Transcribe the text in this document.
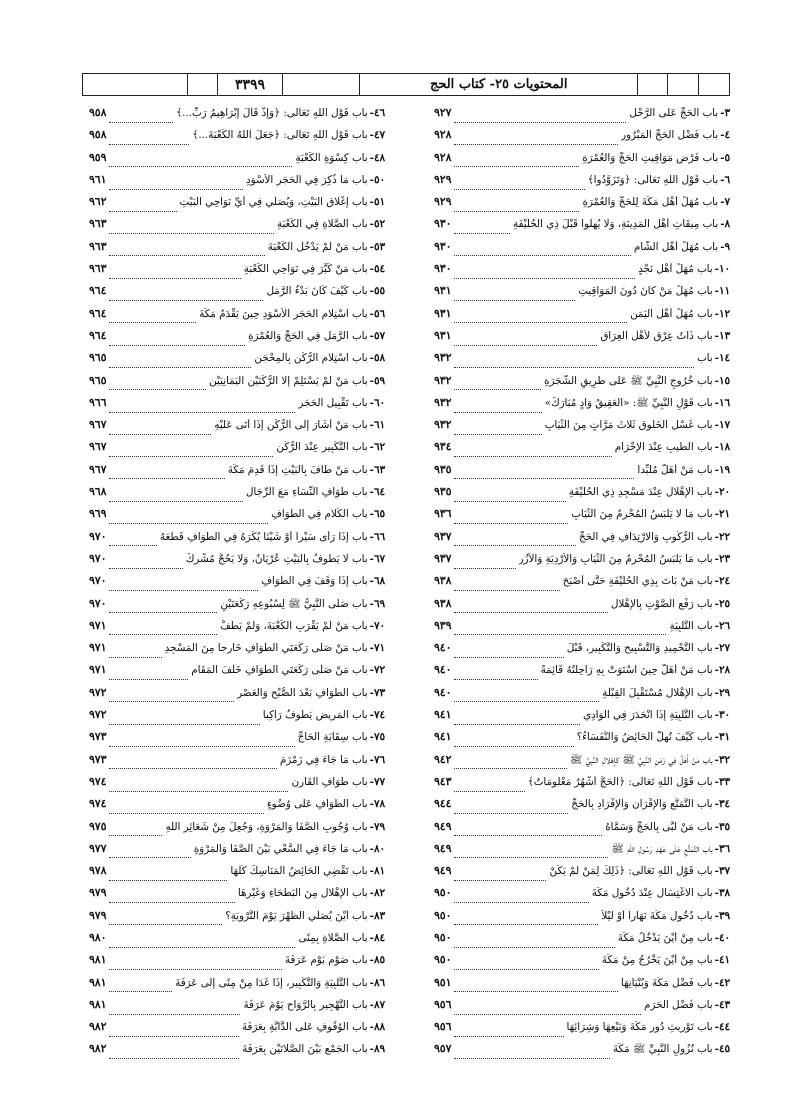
المحتويات ٢٥- كتاب الحج
٣٣٩٩
٣-
باب الحَجِّ عَلى الرَّحْلِ
٩٢٧
٤-
باب فَضْلِ الحَجِّ المَبْرُورِ
٩٢٨
٥-
باب فَرْضِ مَوَاقِيتِ الحَجِّ وَالعُمْرَةِ
٩٢٨
٦-
باب قَوْلِ اللهِ تَعَالَى: ﴿وَتَزَوَّدُوا﴾
٩٢٩
٧-
باب مُهَلِّ أَهْلِ مَكَّةَ لِلحَجِّ وَالعُمْرَةِ
٩٢٩
٨-
باب مِيقَاتِ أَهْلِ المَدِينَةِ، وَلا يُهِلُّوا قَبْلَ ذِي الحُلَيْفَةِ
٩٣٠
٩-
باب مُهَلِّ أَهْلِ الشَّامِ
٩٣٠
١٠-
باب مُهَلِّ أَهْلِ نَجْدٍ
٩٣٠
١١-
باب مُهَلِّ مَنْ كانَ دُونَ المَوَاقِيتِ
٩٣١
١٢-
باب مُهَلِّ أَهْلِ اليَمَنِ
٩٣١
١٣-
باب ذَاتُ عِرْقٍ لأَهْلِ العِرَاقِ
٩٣١
١٤-
باب
٩٣٢
١٥-
باب خُرُوجِ النَّبِيِّ ﷺ عَلَى طَرِيقِ الشَّجَرَةِ
٩٣٢
١٦-
باب قَوْلِ النَّبِيِّ ﷺ: «العَقِيقُ وَادٍ مُبَارَكٌ»
٩٣٢
١٧-
باب غَسْلِ الخَلُوقِ ثَلاثَ مَرَّاتٍ مِنَ الثِّيَابِ
٩٣٢
١٨-
باب الطِّيبِ عِنْدَ الإِحْرَامِ
٩٣٤
١٩-
باب مَنْ أَهَلَّ مُلَبِّداً
٩٣٥
٢٠-
باب الإِهْلالِ عِنْدَ مَسْجِدِ ذِي الحُلَيْفَةِ
٩٣٥
٢١-
باب مَا لا يَلْبَسُ المُحْرِمُ مِنَ الثِّيَابِ
٩٣٦
٢٢-
باب الرُّكُوبِ وَالارْتِدَافِ فِي الحَجِّ
٩٣٧
٢٣-
باب مَا يَلْبَسُ المُحْرِمُ مِنَ الثِّيَابِ وَالأَرْدِيَةِ وَالأُزُرِ
٩٣٧
٢٤-
باب مَنْ بَاتَ بِذِي الحُلَيْفَةِ حَتَّى أَصْبَحَ
٩٣٨
٢٥-
باب رَفْعِ الصَّوْتِ بِالإِهْلالِ
٩٣٨
٢٦-
باب التَّلْبِيَةِ
٩٣٩
٢٧-
باب التَّحْمِيدِ وَالتَّسْبِيحِ وَالتَّكْبِيرِ، قَبْلَ
٩٤٠
٢٨-
باب مَنْ أَهَلَّ حِينَ اسْتَوَتْ بِهِ رَاحِلَتُهُ قَائِمَةً
٩٤٠
٢٩-
باب الإِهْلالِ مُسْتَقْبِلَ القِبْلَةِ
٩٤٠
٣٠-
باب التَّلْبِيَةِ إِذَا انْحَدَرَ فِي الوَادِي
٩٤١
٣١-
باب كَيْفَ تُهِلُّ الحَائِضُ وَالنُّفَسَاءُ؟
٩٤١
٣٢-
باب مَنْ أَهَلَّ فِي زَمَنِ النَّبِيِّ ﷺ كَإِهْلالِ النَّبِيِّ ﷺ
٩٤٢
٣٣-
باب قَوْلِ اللهِ تَعَالَى: ﴿الحَجُّ أَشْهُرٌ مَعْلُومَاتٌ﴾
٩٤٣
٣٤-
باب التَّمَتُّعِ وَالإِقْرَانِ وَالإِفْرَادِ بِالحَجِّ
٩٤٤
٣٥-
باب مَنْ لَبَّى بِالحَجِّ وَسَمَّاهُ
٩٤٩
٣٦-
باب التَّمَتُّعِ عَلَى عَهْدِ رَسُولِ اللهِ ﷺ
٩٤٩
٣٧-
باب قَوْلِ اللهِ تَعَالَى: ﴿ذَلِكَ لِمَنْ لَمْ يَكُنْ
٩٤٩
٣٨-
باب الاغْتِسَالِ عِنْدَ دُخُولِ مَكَّةَ
٩٥٠
٣٩-
باب دُخُولِ مَكَّةَ نَهَاراً أَوْ لَيْلاً
٩٥٠
٤٠-
باب مِنْ أَيْنَ يَدْخُلُ مَكَّةَ
٩٥٠
٤١-
باب مِنْ أَيْنَ يَخْرُجُ مِنْ مَكَّةَ
٩٥٠
٤٢-
باب فَضْلِ مَكَّةَ وَبُنْيَانِهَا
٩٥١
٤٣-
باب فَضْلِ الحَرَمِ
٩٥٦
٤٤-
باب تَوْرِيثِ دُورِ مَكَّةَ وَبَيْعِهَا وَشِرَائِهَا
٩٥٦
٤٥-
باب نُزُولِ النَّبِيِّ ﷺ مَكَّةَ
٩٥٧
٤٦-
باب قَوْلِ اللهِ تَعَالَى: ﴿وَإِذْ قَالَ إِبْرَاهِيمُ رَبِّ...﴾
٩٥٨
٤٧-
باب قَوْلِ اللهِ تَعَالَى: ﴿جَعَلَ اللهُ الكَعْبَةَ...﴾
٩٥٨
٤٨-
باب كِسْوَةِ الكَعْبَةِ
٩٥٩
٥٠-
باب مَا ذُكِرَ فِي الحَجَرِ الأَسْوَدِ
٩٦١
٥١-
باب إِغْلاقِ البَيْتِ، وَيُصَلِّي فِي أَيِّ نَوَاحِي البَيْتِ
٩٦٢
٥٢-
باب الصَّلاةِ فِي الكَعْبَةِ
٩٦٣
٥٣-
باب مَنْ لَمْ يَدْخُلِ الكَعْبَةَ
٩٦٣
٥٤-
باب مَنْ كَبَّرَ فِي نَوَاحِي الكَعْبَةِ
٩٦٣
٥٥-
باب كَيْفَ كَانَ بَدْءُ الرَّمَلِ
٩٦٤
٥٦-
باب اسْتِلامِ الحَجَرِ الأَسْوَدِ حِينَ يَقْدَمُ مَكَّةَ
٩٦٤
٥٧-
باب الرَّمَلِ فِي الحَجِّ وَالعُمْرَةِ
٩٦٤
٥٨-
باب اسْتِلامِ الرُّكْنِ بِالمِحْجَنِ
٩٦٥
٥٩-
باب مَنْ لَمْ يَسْتَلِمْ إِلا الرُّكْنَيْنِ اليَمَانِيَيْنِ
٩٦٥
٦٠-
باب تَقْبِيلِ الحَجَرِ
٩٦٦
٦١-
باب مَنْ أَشَارَ إِلَى الرُّكْنِ إِذَا أَتَى عَلَيْهِ
٩٦٧
٦٢-
باب التَّكْبِيرِ عِنْدَ الرُّكْنِ
٩٦٧
٦٣-
باب مَنْ طَافَ بِالبَيْتِ إِذَا قَدِمَ مَكَّةَ
٩٦٧
٦٤-
باب طَوَافِ النِّسَاءِ مَعَ الرِّجَالِ
٩٦٨
٦٥-
باب الكَلامِ فِي الطَّوَافِ
٩٦٩
٦٦-
باب إِذَا رَأَى سَيْراً أَوْ شَيْئاً يُكْرَهُ فِي الطَّوَافِ قَطَعَهُ
٩٧٠
٦٧-
باب لا يَطُوفُ بِالبَيْتِ عُرْيَانٌ، وَلا يَحُجُّ مُشْرِكٌ
٩٧٠
٦٨-
باب إِذَا وَقَفَ فِي الطَّوَافِ
٩٧٠
٦٩-
باب صَلَّى النَّبِيُّ ﷺ لِسُبُوعِهِ رَكْعَتَيْنِ
٩٧٠
٧٠-
باب مَنْ لَمْ يَقْرَبِ الكَعْبَةَ، وَلَمْ يَطُفْ
٩٧١
٧١-
باب مَنْ صَلَّى رَكْعَتَيِ الطَّوَافِ خَارِجاً مِنَ المَسْجِدِ
٩٧١
٧٢-
باب مَنْ صَلَّى رَكْعَتَيِ الطَّوَافِ خَلْفَ المَقَامِ
٩٧١
٧٣-
باب الطَّوَافِ بَعْدَ الصُّبْحِ وَالعَصْرِ
٩٧٢
٧٤-
باب المَرِيضِ يَطُوفُ رَاكِباً
٩٧٢
٧٥-
باب سِقَايَةِ الحَاجِّ
٩٧٣
٧٦-
باب مَا جَاءَ فِي زَمْزَمَ
٩٧٣
٧٧-
باب طَوَافِ القَارِنِ
٩٧٤
٧٨-
باب الطَّوَافِ عَلَى وُضُوءٍ
٩٧٤
٧٩-
باب وُجُوبِ الصَّفَا وَالمَرْوَةِ، وَجُعِلَ مِنْ شَعَائِرِ اللهِ
٩٧٥
٨٠-
باب مَا جَاءَ فِي السَّعْيِ بَيْنَ الصَّفَا وَالمَرْوَةِ
٩٧٧
٨١-
باب تَقْضِي الحَائِضُ المَنَاسِكَ كُلَّهَا
٩٧٨
٨٢-
باب الإِهْلالِ مِنَ البَطْحَاءِ وَغَيْرِهَا
٩٧٩
٨٣-
باب أَيْنَ يُصَلِّي الظُّهْرَ يَوْمَ التَّرْوِيَةِ؟
٩٧٩
٨٤-
باب الصَّلاةِ بِمِنًى
٩٨٠
٨٥-
باب صَوْمِ يَوْمِ عَرَفَةَ
٩٨١
٨٦-
باب التَّلْبِيَةِ وَالتَّكْبِيرِ، إِذَا غَدَا مِنْ مِنًى إِلَى عَرَفَةَ
٩٨١
٨٧-
باب التَّهْجِيرِ بِالرَّوَاحِ يَوْمَ عَرَفَةَ
٩٨١
٨٨-
باب الوُقُوفِ عَلَى الدَّابَّةِ بِعَرَفَةَ
٩٨٢
٨٩-
باب الجَمْعِ بَيْنَ الصَّلاتَيْنِ بِعَرَفَةَ
٩٨٢
